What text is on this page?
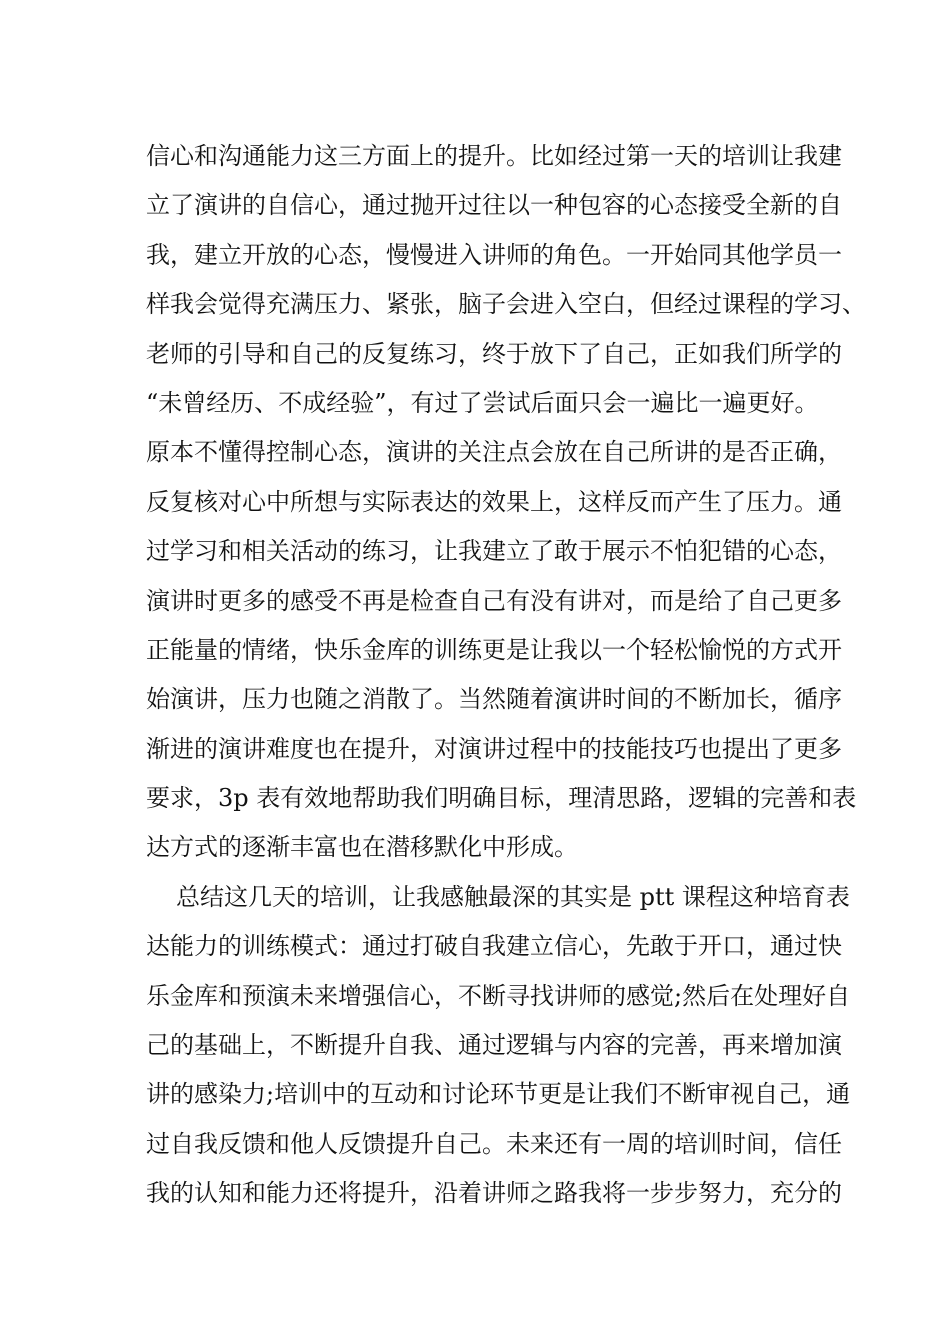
信心和沟通能力这三方面上的提升。比如经过第一天的培训让我建
立了演讲的自信心，通过抛开过往以一种包容的心态接受全新的自
我，建立开放的心态，慢慢进入讲师的角色。一开始同其他学员一
样我会觉得充满压力、紧张，脑子会进入空白，但经过课程的学习、
老师的引导和自己的反复练习，终于放下了自己，正如我们所学的
“未曾经历、不成经验”，有过了尝试后面只会一遍比一遍更好。
原本不懂得控制心态，演讲的关注点会放在自己所讲的是否正确，
反复核对心中所想与实际表达的效果上，这样反而产生了压力。通
过学习和相关活动的练习，让我建立了敢于展示不怕犯错的心态，
演讲时更多的感受不再是检查自己有没有讲对，而是给了自己更多
正能量的情绪，快乐金库的训练更是让我以一个轻松愉悦的方式开
始演讲，压力也随之消散了。当然随着演讲时间的不断加长，循序
渐进的演讲难度也在提升，对演讲过程中的技能技巧也提出了更多
要求，3p 表有效地帮助我们明确目标，理清思路，逻辑的完善和表
达方式的逐渐丰富也在潜移默化中形成。
总结这几天的培训，让我感触最深的其实是 ptt 课程这种培育表
达能力的训练模式：通过打破自我建立信心，先敢于开口，通过快
乐金库和预演未来增强信心，不断寻找讲师的感觉;然后在处理好自
己的基础上，不断提升自我、通过逻辑与内容的完善，再来增加演
讲的感染力;培训中的互动和讨论环节更是让我们不断审视自己，通
过自我反馈和他人反馈提升自己。未来还有一周的培训时间，信任
我的认知和能力还将提升，沿着讲师之路我将一步步努力，充分的
